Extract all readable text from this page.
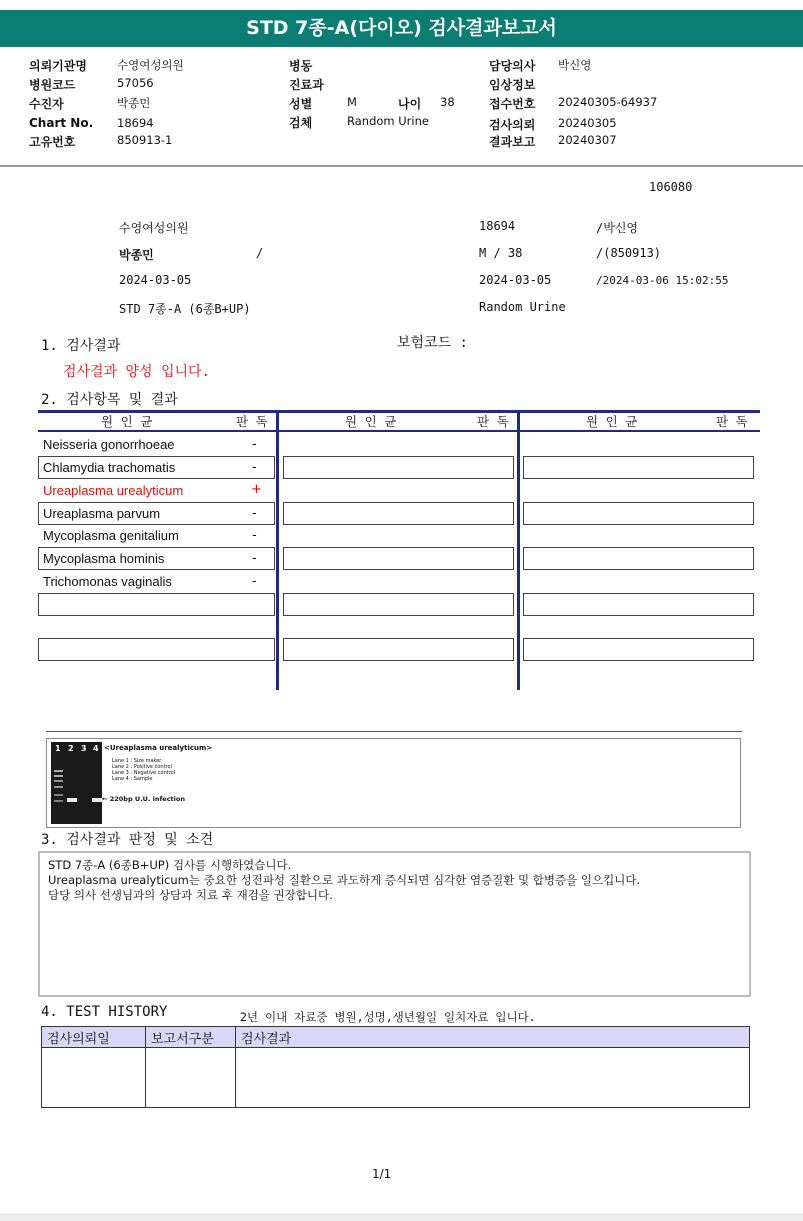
STD 7종-A(다이오) 검사결과보고서
의뢰기관명	수영여성의원
병원코드	57056
수진자	박종민
Chart No. 18694
고유번호	850913-1
병동
진료과
성별	M	나이 38
검체	Random Urine
담당의사 박신영
임상정보
접수번호 20240305-64937
검사의뢰 20240305
결과보고 20240307
106080
수영여성의원	18694	/박신영
박종민	/	M / 38	/(850913)
2024-03-05	2024-03-05	/2024-03-06 15:02:55
STD 7종-A (6종B+UP)	Random Urine
1. 검사결과	보험코드 :
검사결과 양성 입니다.
2. 검사항목 및 결과
원 인 균	판 독	원 인 균	판 독	원 인 균	판 독
Neisseria gonorrhoeae	-
Chlamydia trachomatis	-
Ureaplasma urealyticum	+
Ureaplasma parvum	-
Mycoplasma genitalium	-
Mycoplasma hominis	-
Trichomonas vaginalis	-
1 2 3 4 <Ureaplasma urealyticum>
Lane 1 : Size maker
Lane 2 : Positive control
Lane 3 : Negative control
Lane 4 : Sample
← 220bp U.U. infection
3. 검사결과 판정 및 소견
STD 7종-A (6종B+UP) 검사를 시행하였습니다.
Ureaplasma urealyticum는 중요한 성전파성 질환으로 과도하게 증식되면 심각한 염증질환 및 합병증을 일으킵니다.
담당 의사 선생님과의 상담과 치료 후 재검을 권장합니다.
4. TEST HISTORY	2년 이내 자료중 병원,성명,생년월일 일치자료 입니다.
검사의뢰일	보고서구분	검사결과

1/1
